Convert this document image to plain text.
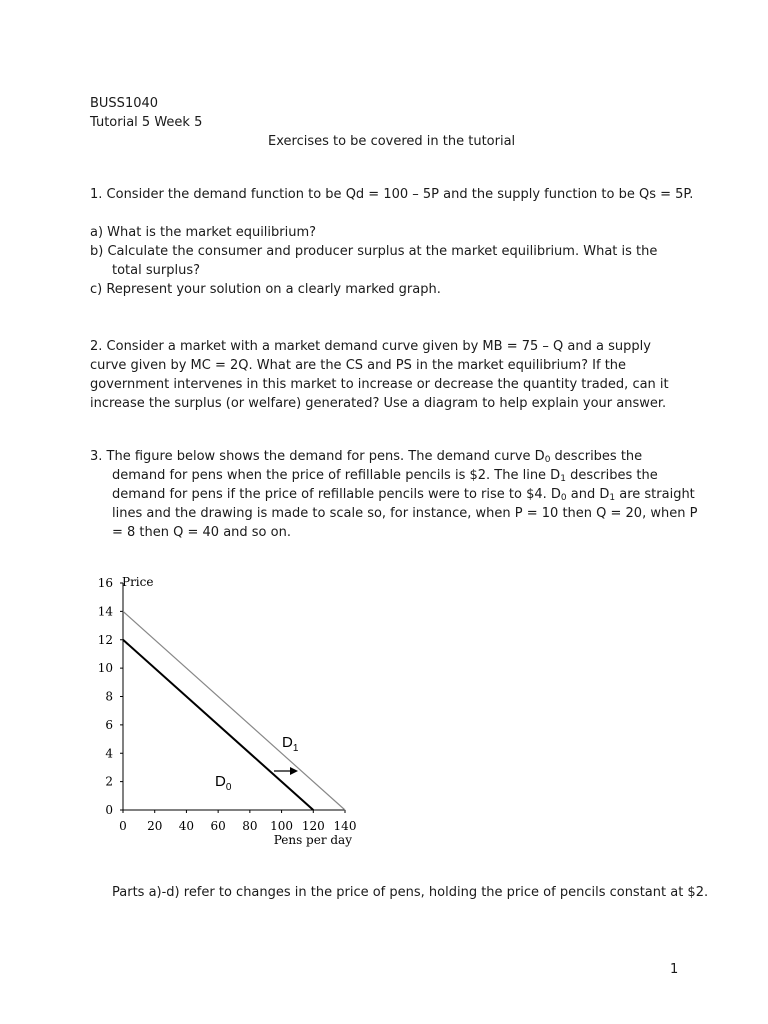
BUSS1040
Tutorial 5 Week 5
Exercises to be covered in the tutorial

1. Consider the demand function to be Qd = 100 – 5P and the supply function to be Qs = 5P.

a) What is the market equilibrium?

b) Calculate the consumer and producer surplus at the market equilibrium. What is the total surplus?

c) Represent your solution on a clearly marked graph.

2. Consider a market with a market demand curve given by MB = 75 – Q and a supply curve given by MC = 2Q. What are the CS and PS in the market equilibrium? If the government intervenes in this market to increase or decrease the quantity traded, can it increase the surplus (or welfare) generated? Use a diagram to help explain your answer.
3. The figure below shows the demand for pens. The demand curve $D_0$ describes the demand for pens when the price of refillable pencils is $2. The line $D_1$ describes the demand for pens if the price of refillable pencils were to rise to $4. $D_0$ and $D_1$ are straight lines and the drawing is made to scale so, for instance, when P = 10 then Q = 20, when P = 8 then Q = 40 and so on.
0
2
4
6
8
10
12
14
16
0 20 40 60 80 100 120 140
Price
Pens per day
$D_0$
$D_1$
Parts a)-d) refer to changes in the price of pens, holding the price of pencils constant at $2.
1
